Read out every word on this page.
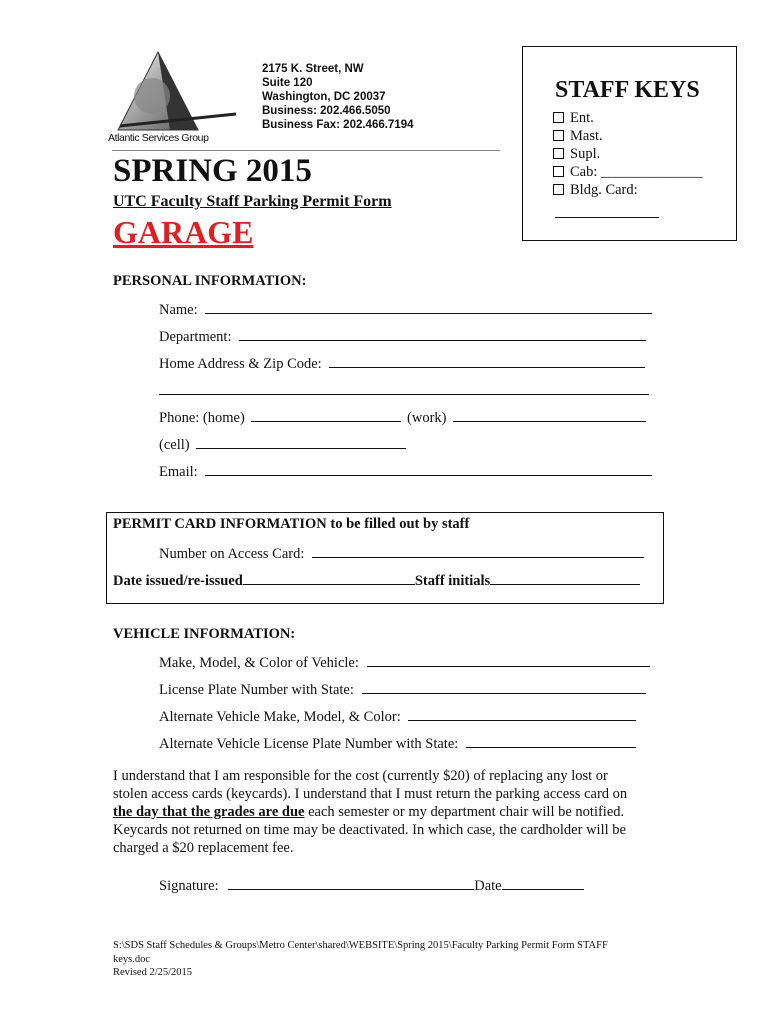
Atlantic Services Group
2175 K. Street, NW
Suite 120
Washington, DC 20037
Business: 202.466.5050
Business Fax: 202.466.7194
SPRING 2015
UTC Faculty Staff Parking Permit Form
GARAGE
STAFF KEYS
Ent.
Mast.
Supl.
Cab: ______________
Bldg. Card:
PERSONAL INFORMATION:
Name:
Department:
Home Address & Zip Code:
Phone: (home)	(work)
(cell)
Email:
PERMIT CARD INFORMATION to be filled out by staff
Number on Access Card:
Date issued/re-issued	Staff initials
VEHICLE INFORMATION:
Make, Model, & Color of Vehicle:
License Plate Number with State:
Alternate Vehicle Make, Model, & Color:
Alternate Vehicle License Plate Number with State:
I understand that I am responsible for the cost (currently $20) of replacing any lost or
stolen access cards (keycards). I understand that I must return the parking access card on
the day that the grades are due each semester or my department chair will be notified.
Keycards not returned on time may be deactivated. In which case, the cardholder will be
charged a $20 replacement fee.
Signature:	Date
S:\SDS Staff Schedules & Groups\Metro Center\shared\WEBSITE\Spring 2015\Faculty Parking Permit Form STAFF
keys.doc
Revised 2/25/2015
